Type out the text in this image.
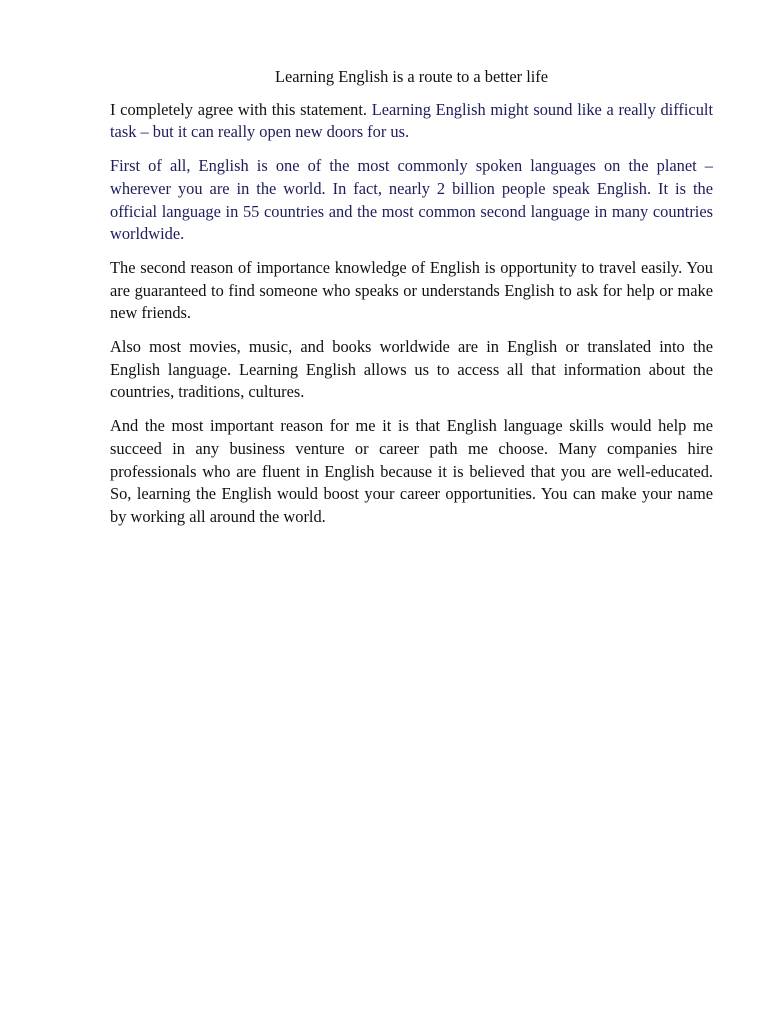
Learning English is a route to a better life

I completely agree with this statement. Learning English might sound like a really difficult task – but it can really open new doors for us.

First of all, English is one of the most commonly spoken languages on the planet – wherever you are in the world. In fact, nearly 2 billion people speak English. It is the official language in 55 countries and the most common second language in many countries worldwide.

The second reason of importance knowledge of English is opportunity to travel easily. You are guaranteed to find someone who speaks or understands English to ask for help or make new friends.

Also most movies, music, and books worldwide are in English or translated into the English language. Learning English allows us to access all that information about the countries, traditions, cultures.

And the most important reason for me it is that English language skills would help me succeed in any business venture or career path me choose. Many companies hire professionals who are fluent in English because it is believed that you are well-educated. So, learning the English would boost your career opportunities. You can make your name by working all around the world.
